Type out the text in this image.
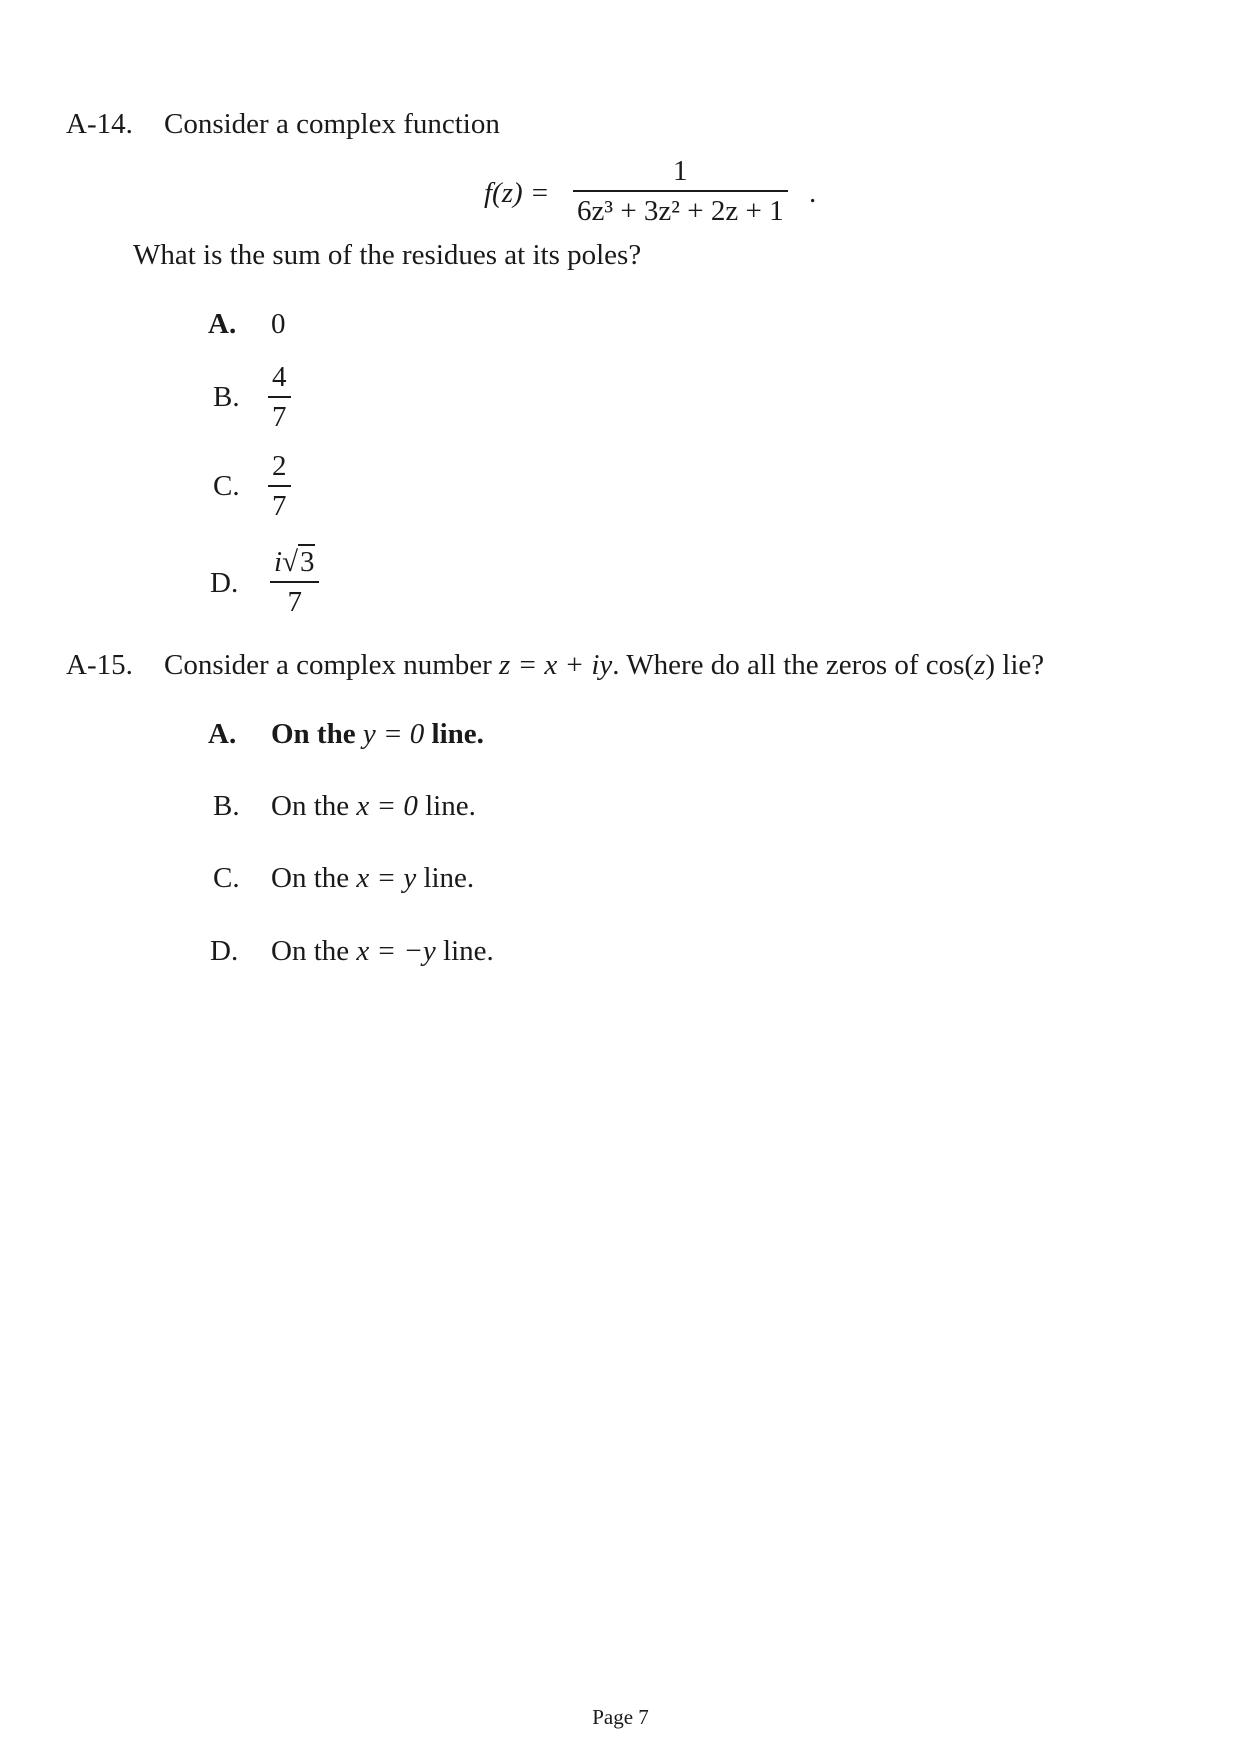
A-14. Consider a complex function
f(z) =
1
6z³ + 3z² + 2z + 1
.
What is the sum of the residues at its poles?
A. 0
B.
4
7
C.
2
7
D.
i√3
7
A-15. Consider a complex number z = x + iy. Where do all the zeros of cos(z) lie?
A. On the y = 0 line.
B. On the x = 0 line.
C. On the x = y line.
D. On the x = −y line.
Page 7
